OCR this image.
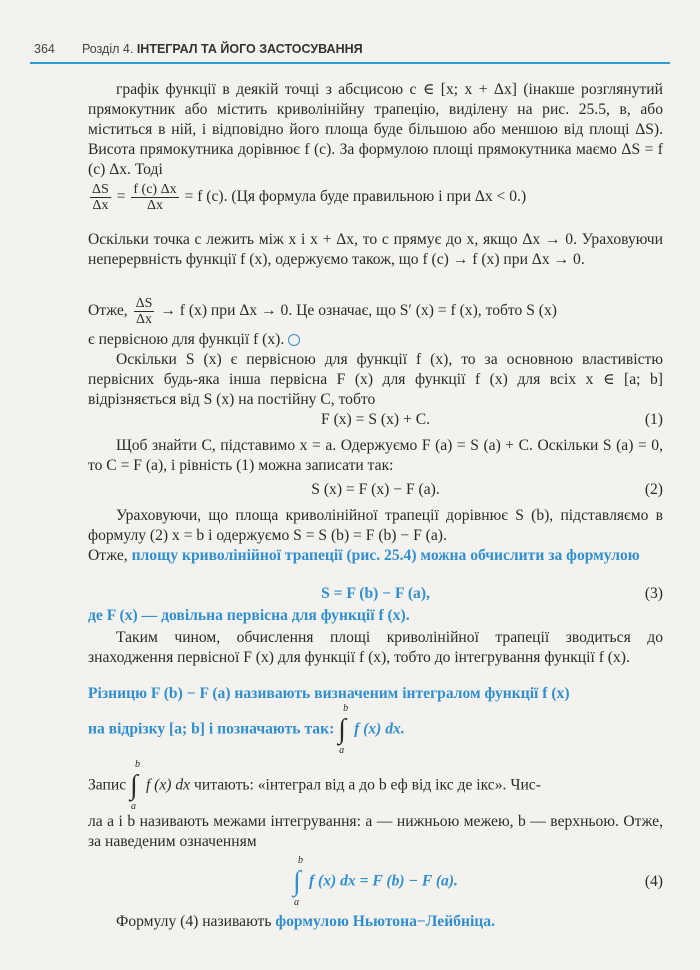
364 Розділ 4. ІНТЕГРАЛ ТА ЙОГО ЗАСТОСУВАННЯ

графік функції в деякій точці з абсцисою c ∈ [x; x + Δx] (інакше розглянутий прямокутник або містить криволінійну трапецію, виділену на рис. 25.5, в, або міститься в ній, і відповідно його площа буде більшою або меншою від площі ΔS). Висота прямокутника дорівнює f (c). За формулою площі прямокутника маємо ΔS = f (c) Δx. Тоді

$\frac{\Delta S}{\Delta x} = \frac{f (c) \Delta x}{\Delta x} = f$ (c). (Ця формула буде правильною і при Δx < 0.)

Оскільки точка c лежить між x і x + Δx, то c прямує до x, якщо Δx → 0. Ураховуючи неперервність функції f (x), одержуємо також, що f (c) → f (x) при Δx → 0.

Отже, $\frac{\Delta S}{\Delta x} \to f$ (x) при Δx → 0. Це означає, що S′ (x) = f (x), тобто S (x)
є первісною для функції f (x).

Оскільки S (x) є первісною для функції f (x), то за основною властивістю первісних будь-яка інша первісна F (x) для функції f (x) для всіх x ∈ [a; b] відрізняється від S (x) на постійну C, тобто

F (x) = S (x) + C.	(1)

Щоб знайти C, підставимо x = a. Одержуємо F (a) = S (a) + C. Оскільки S (a) = 0, то C = F (a), і рівність (1) можна записати так:

S (x) = F (x) − F (a).	(2)

Ураховуючи, що площа криволінійної трапеції дорівнює S (b), підставляємо в формулу (2) x = b і одержуємо S = S (b) = F (b) − F (a).

Отже, площу криволінійної трапеції (рис. 25.4) можна обчислити за формулою
S = F (b) − F (a),	(3)
де F (x) — довільна первісна для функції f (x).

Таким чином, обчислення площі криволінійної трапеції зводиться до знаходження первісної F (x) для функції f (x), тобто до інтегрування функції f (x).

Різницю F (b) − F (a) називають визначеним інтегралом функції f (x)
на відрізку [a; b] і позначають так:
b
∫
a
f (x) dx.
Запис
b
∫
a
f (x) dx читають: «інтеграл від a до b еф від ікс де ікс». Чис-

ла a і b називають межами інтегрування: a — нижньою межею, b — верхньою. Отже, за наведеним означенням

b
∫
a
f (x) dx = F (b) − F (a).	(4)
Формулу (4) називають формулою Ньютона−Лейбніца.
